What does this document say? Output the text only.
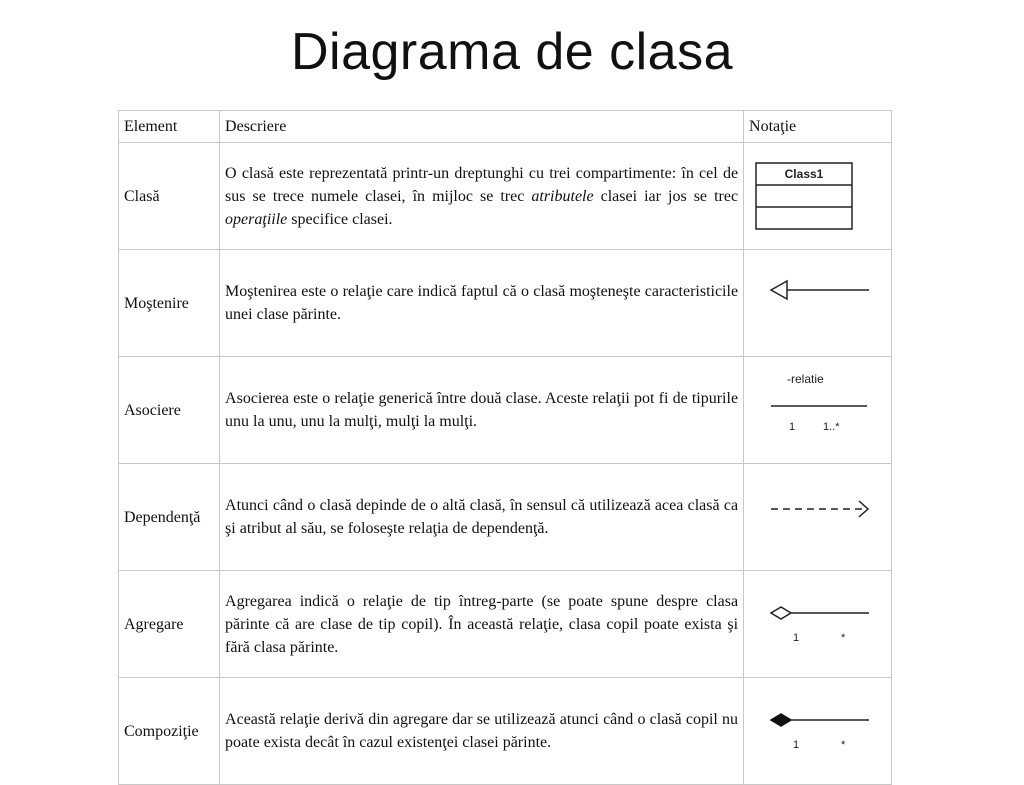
Diagrama de clasa
Element	Descriere	Notaţie
Clasă	O clasă este reprezentată printr-un dreptunghi cu trei compartimente: în cel de sus se trece numele clasei, în mijloc se trec atributele clasei iar jos se trec operaţiile specifice clasei.	Class1

Moştenire	Moştenirea este o relaţie care indică faptul că o clasă moşteneşte caracteristicile unei clase părinte.	
Asociere	Asocierea este o relaţie generică între două clase. Aceste relaţii pot fi de tipurile unu la unu, unu la mulţi, mulţi la mulţi.	-relatie
1 1..*

Dependenţă	Atunci când o clasă depinde de o altă clasă, în sensul că utilizează acea clasă ca şi atribut al său, se foloseşte relaţia de dependenţă.	
Agregare	Agregarea indică o relaţie de tip întreg-parte (se poate spune despre clasa părinte că are clase de tip copil). În această relaţie, clasa copil poate exista şi fără clasa părinte.	1 *

Compoziţie	Această relaţie derivă din agregare dar se utilizează atunci când o clasă copil nu poate exista decât în cazul existenţei clasei părinte.	1 *
